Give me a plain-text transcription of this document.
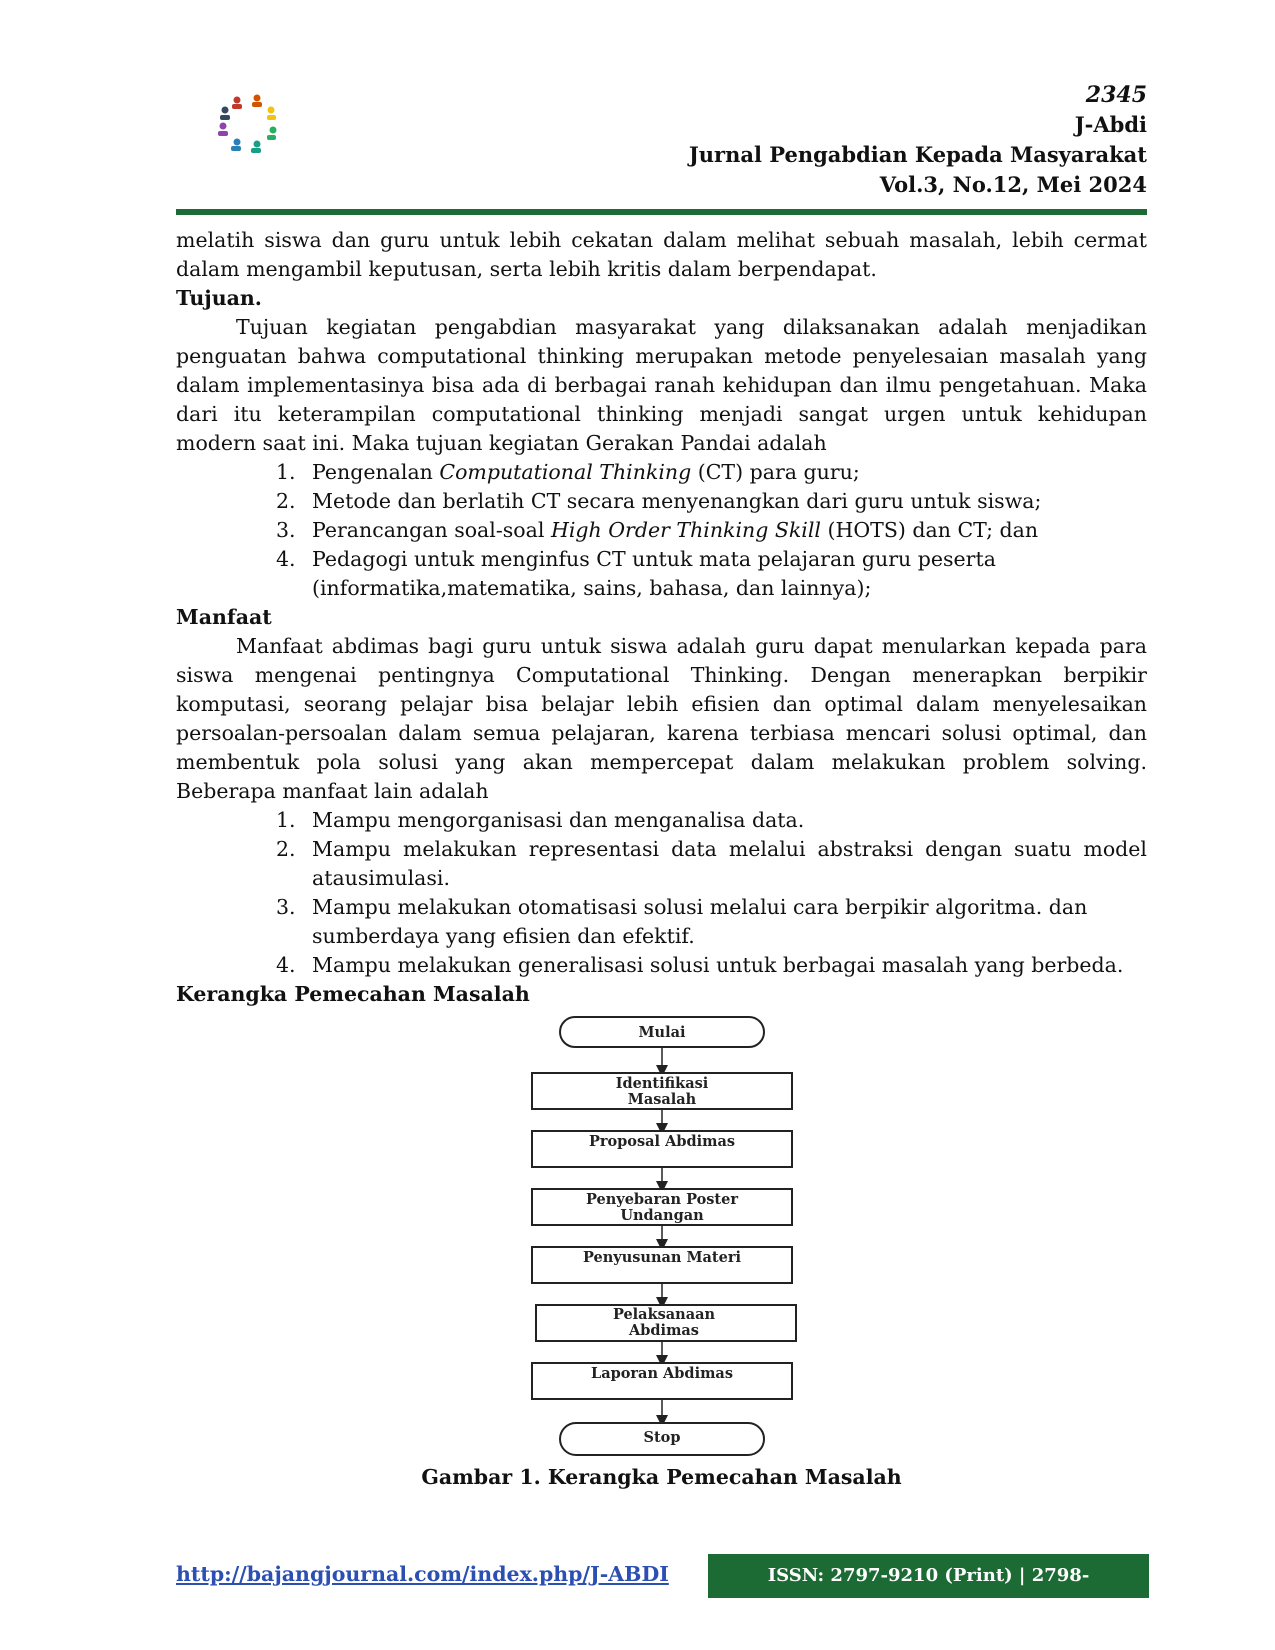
2345
J-Abdi
Jurnal Pengabdian Kepada Masyarakat
Vol.3, No.12, Mei 2024

melatih siswa dan guru untuk lebih cekatan dalam melihat sebuah masalah, lebih cermat dalam mengambil keputusan, serta lebih kritis dalam berpendapat.

Tujuan.

Tujuan kegiatan pengabdian masyarakat yang dilaksanakan adalah menjadikan penguatan bahwa computational thinking merupakan metode penyelesaian masalah yang dalam implementasinya bisa ada di berbagai ranah kehidupan dan ilmu pengetahuan. Maka dari itu keterampilan computational thinking menjadi sangat urgen untuk kehidupan modern saat ini. Maka tujuan kegiatan Gerakan Pandai adalah

1. Pengenalan Computational Thinking (CT) para guru;
2. Metode dan berlatih CT secara menyenangkan dari guru untuk siswa;
3. Perancangan soal-soal High Order Thinking Skill (HOTS) dan CT; dan
4. Pedagogi untuk menginfus CT untuk mata pelajaran guru peserta (informatika,matematika, sains, bahasa, dan lainnya);
Manfaat

Manfaat abdimas bagi guru untuk siswa adalah guru dapat menularkan kepada para siswa mengenai pentingnya Computational Thinking. Dengan menerapkan berpikir komputasi, seorang pelajar bisa belajar lebih efisien dan optimal dalam menyelesaikan persoalan-persoalan dalam semua pelajaran, karena terbiasa mencari solusi optimal, dan membentuk pola solusi yang akan mempercepat dalam melakukan problem solving. Beberapa manfaat lain adalah

1. Mampu mengorganisasi dan menganalisa data.
2. Mampu melakukan representasi data melalui abstraksi dengan suatu model atausimulasi.
3. Mampu melakukan otomatisasi solusi melalui cara berpikir algoritma. dan sumberdaya yang efisien dan efektif.
4. Mampu melakukan generalisasi solusi untuk berbagai masalah yang berbeda.
Kerangka Pemecahan Masalah
Mulai
Identifikasi
Masalah
Proposal Abdimas
Penyebaran Poster
Undangan
Penyusunan Materi
Pelaksanaan
Abdimas
Laporan Abdimas
Stop
Gambar 1. Kerangka Pemecahan Masalah
http://bajangjournal.com/index.php/J-ABDI	ISSN: 2797-9210 (Print) | 2798-2912(Online)
